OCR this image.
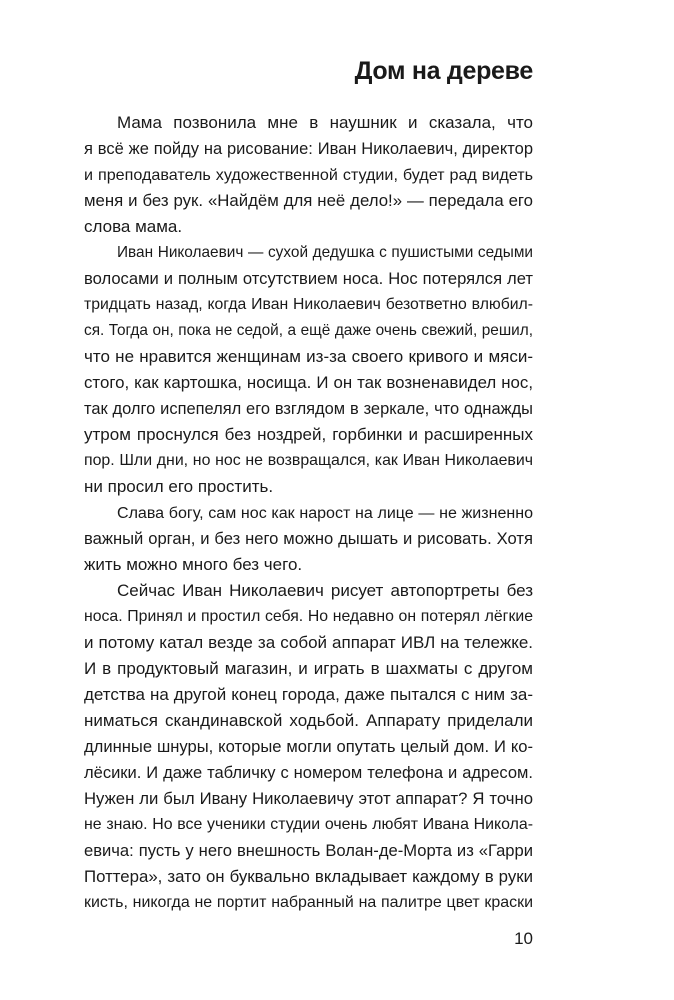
Дом на дереве
Мама позвонила мне в наушник и сказала, что
я всё же пойду на рисование: Иван Николаевич, директор
и преподаватель художественной студии, будет рад видеть
меня и без рук. «Найдём для неё дело!» — передала его
слова мама.
Иван Николаевич — сухой дедушка с пушистыми седыми
волосами и полным отсутствием носа. Нос потерялся лет
тридцать назад, когда Иван Николаевич безответно влюбил-
ся. Тогда он, пока не седой, а ещё даже очень свежий, решил,
что не нравится женщинам из-за своего кривого и мяси-
стого, как картошка, носища. И он так возненавидел нос,
так долго испепелял его взглядом в зеркале, что однажды
утром проснулся без ноздрей, горбинки и расширенных
пор. Шли дни, но нос не возвращался, как Иван Николаевич
ни просил его простить.
Слава богу, сам нос как нарост на лице — не жизненно
важный орган, и без него можно дышать и рисовать. Хотя
жить можно много без чего.
Сейчас Иван Николаевич рисует автопортреты без
носа. Принял и простил себя. Но недавно он потерял лёгкие
и потому катал везде за собой аппарат ИВЛ на тележке.
И в продуктовый магазин, и играть в шахматы с другом
детства на другой конец города, даже пытался с ним за-
ниматься скандинавской ходьбой. Аппарату приделали
длинные шнуры, которые могли опутать целый дом. И ко-
лёсики. И даже табличку с номером телефона и адресом.
Нужен ли был Ивану Николаевичу этот аппарат? Я точно
не знаю. Но все ученики студии очень любят Ивана Никола-
евича: пусть у него внешность Волан-де-Морта из «Гарри
Поттера», зато он буквально вкладывает каждому в руки
кисть, никогда не портит набранный на палитре цвет краски
10
